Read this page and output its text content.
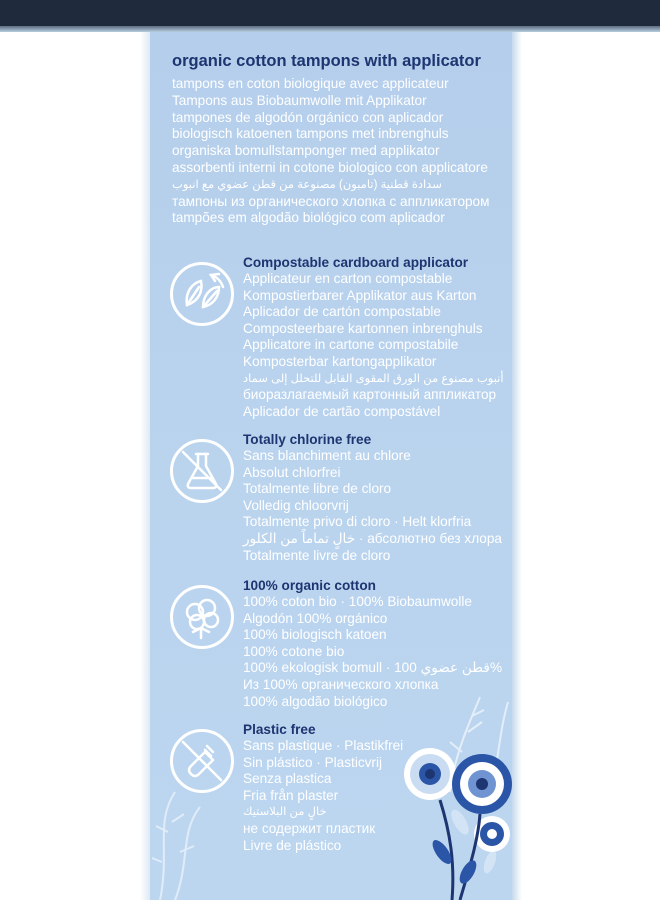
organic cotton tampons with applicator
tampons en coton biologique avec applicateur
Tampons aus Biobaumwolle mit Applikator
tampones de algodón orgánico con aplicador
biologisch katoenen tampons met inbrenghuls
organiska bomullstamponger med applikator
assorbenti interni in cotone biologico con applicatore
سدادة قطنية (تامبون) مصنوعة من قطن عضوي مع انبوب
тампоны из органического хлопка с аппликатором
tampões em algodão biológico com aplicador
Compostable cardboard applicator
Applicateur en carton compostable
Kompostierbarer Applikator aus Karton
Aplicador de cartón compostable
Composteerbare kartonnen inbrenghuls
Applicatore in cartone compostabile
Komposterbar kartongapplikator
أنبوب مصنوع من الورق المقوى القابل للتحلل إلى سماد
биоразлагаемый картонный аппликатор
Aplicador de cartão compostável
Totally chlorine free
Sans blanchiment au chlore
Absolut chlorfrei
Totalmente libre de cloro
Volledig chloorvrij
Totalmente privo di cloro · Helt klorfria
خالٍ تماماً من الكلور · абсолютно без хлора
Totalmente livre de cloro
100% organic cotton
100% coton bio · 100% Biobaumwolle
Algodón 100% orgánico
100% biologisch katoen
100% cotone bio
100% ekologisk bomull · قطن عضوي 100%
Из 100% органического хлопка
100% algodão biológico
Plastic free
Sans plastique · Plastikfrei
Sin plástico · Plasticvrij
Senza plastica
Fria från plaster
خالٍ من البلاستيك
не содержит пластик
Livre de plástico
